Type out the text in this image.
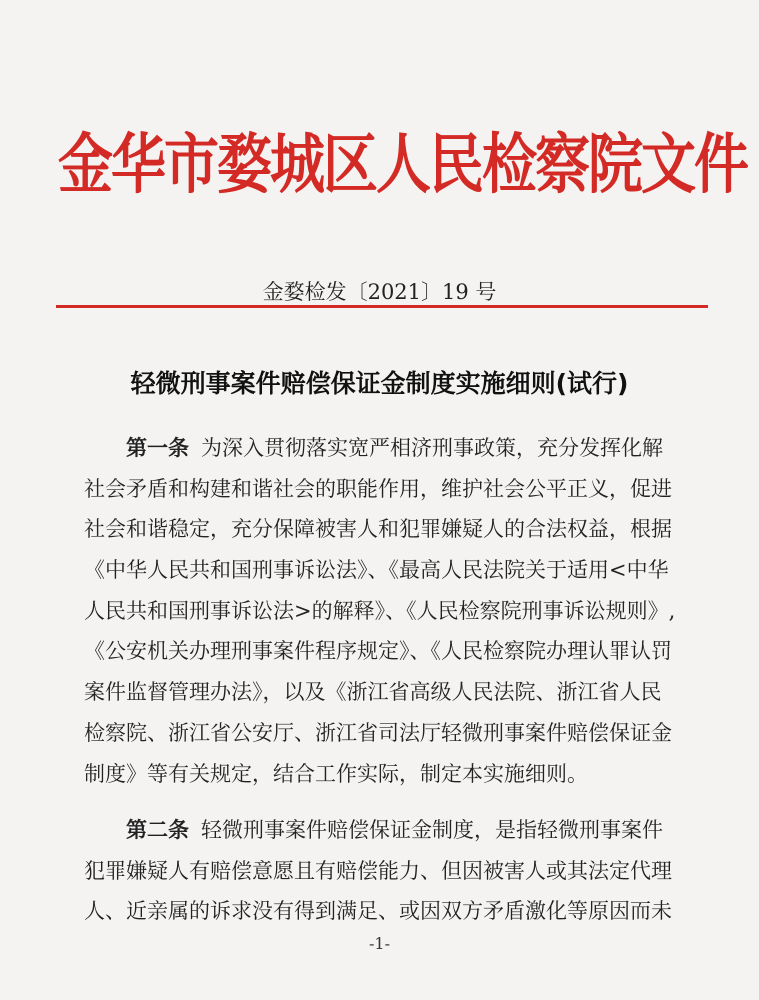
金华市婺城区人民检察院文件
金婺检发〔2021〕19 号
轻微刑事案件赔偿保证金制度实施细则(试行)
第一条 为深入贯彻落实宽严相济刑事政策，充分发挥化解
社会矛盾和构建和谐社会的职能作用，维护社会公平正义，促进
社会和谐稳定，充分保障被害人和犯罪嫌疑人的合法权益，根据
《中华人民共和国刑事诉讼法》、《最高人民法院关于适用<中华
人民共和国刑事诉讼法>的解释》、《人民检察院刑事诉讼规则》,
《公安机关办理刑事案件程序规定》、《人民检察院办理认罪认罚
案件监督管理办法》，以及《浙江省高级人民法院、浙江省人民
检察院、浙江省公安厅、浙江省司法厅轻微刑事案件赔偿保证金
制度》等有关规定，结合工作实际，制定本实施细则。
第二条 轻微刑事案件赔偿保证金制度，是指轻微刑事案件
犯罪嫌疑人有赔偿意愿且有赔偿能力、但因被害人或其法定代理
人、近亲属的诉求没有得到满足、或因双方矛盾激化等原因而未
-1-
